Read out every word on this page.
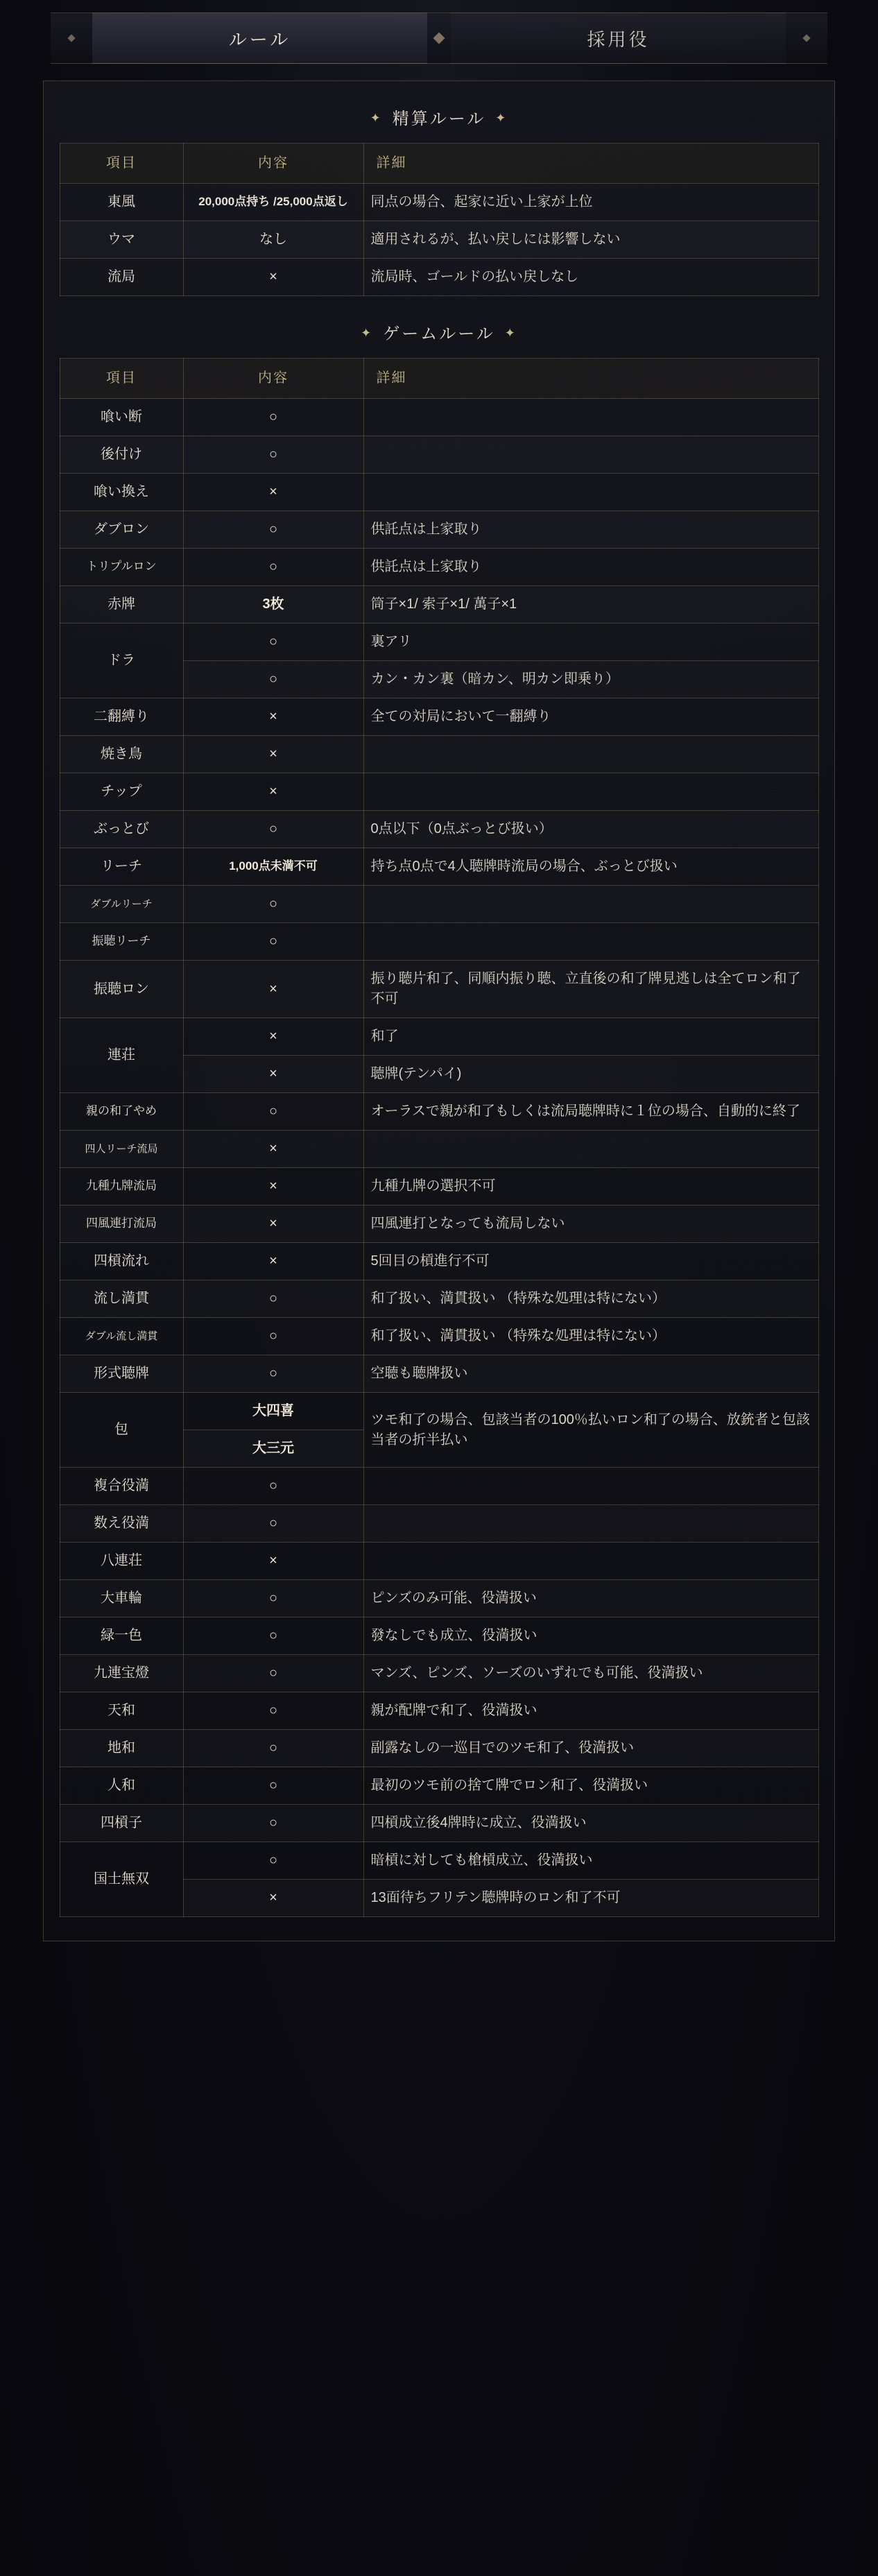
ルール	採用役
✦ 精算ルール ✦
項目	内容	詳細
東風	20,000点持ち /25,000点返し	同点の場合、起家に近い上家が上位
ウマ	なし	適用されるが、払い戻しには影響しない
流局	×	流局時、ゴールドの払い戻しなし
✦ ゲームルール ✦
項目	内容	詳細
喰い断	○	
後付け	○	
喰い換え	×	
ダブロン	○	供託点は上家取り
トリプルロン	○	供託点は上家取り
赤牌	3枚	筒子×1/ 索子×1/ 萬子×1
ドラ	○	裏アリ
	○	カン・カン裏（暗カン、明カン即乗り）
二翻縛り	×	全ての対局において一翻縛り
焼き鳥	×	
チップ	×	
ぶっとび	○	0点以下（0点ぶっとび扱い）
リーチ	1,000点未満不可	持ち点0点で4人聴牌時流局の場合、ぶっとび扱い
ダブルリーチ	○	
振聴リーチ	○	
振聴ロン	×	振り聴片和了、同順内振り聴、立直後の和了牌見逃しは全てロン和了不可
連荘	×	和了
	×	聴牌(テンパイ)
親の和了やめ	○	オーラスで親が和了もしくは流局聴牌時に１位の場合、自動的に終了
四人リーチ流局	×	
九種九牌流局	×	九種九牌の選択不可
四風連打流局	×	四風連打となっても流局しない
四槓流れ	×	5回目の槓進行不可
流し満貫	○	和了扱い、満貫扱い （特殊な処理は特にない）
ダブル流し満貫	○	和了扱い、満貫扱い （特殊な処理は特にない）
形式聴牌	○	空聴も聴牌扱い
包	大四喜	ツモ和了の場合、包該当者の100％払いロン和了の場合、放銃者と包該当者の折半払い
	大三元	
複合役満	○	
数え役満	○	
八連荘	×	
大車輪	○	ピンズのみ可能、役満扱い
緑一色	○	發なしでも成立、役満扱い
九連宝燈	○	マンズ、ピンズ、ソーズのいずれでも可能、役満扱い
天和	○	親が配牌で和了、役満扱い
地和	○	副露なしの一巡目でのツモ和了、役満扱い
人和	○	最初のツモ前の捨て牌でロン和了、役満扱い
四槓子	○	四槓成立後4牌時に成立、役満扱い
国士無双	○	暗槓に対しても槍槓成立、役満扱い
	×	13面待ちフリテン聴牌時のロン和了不可
